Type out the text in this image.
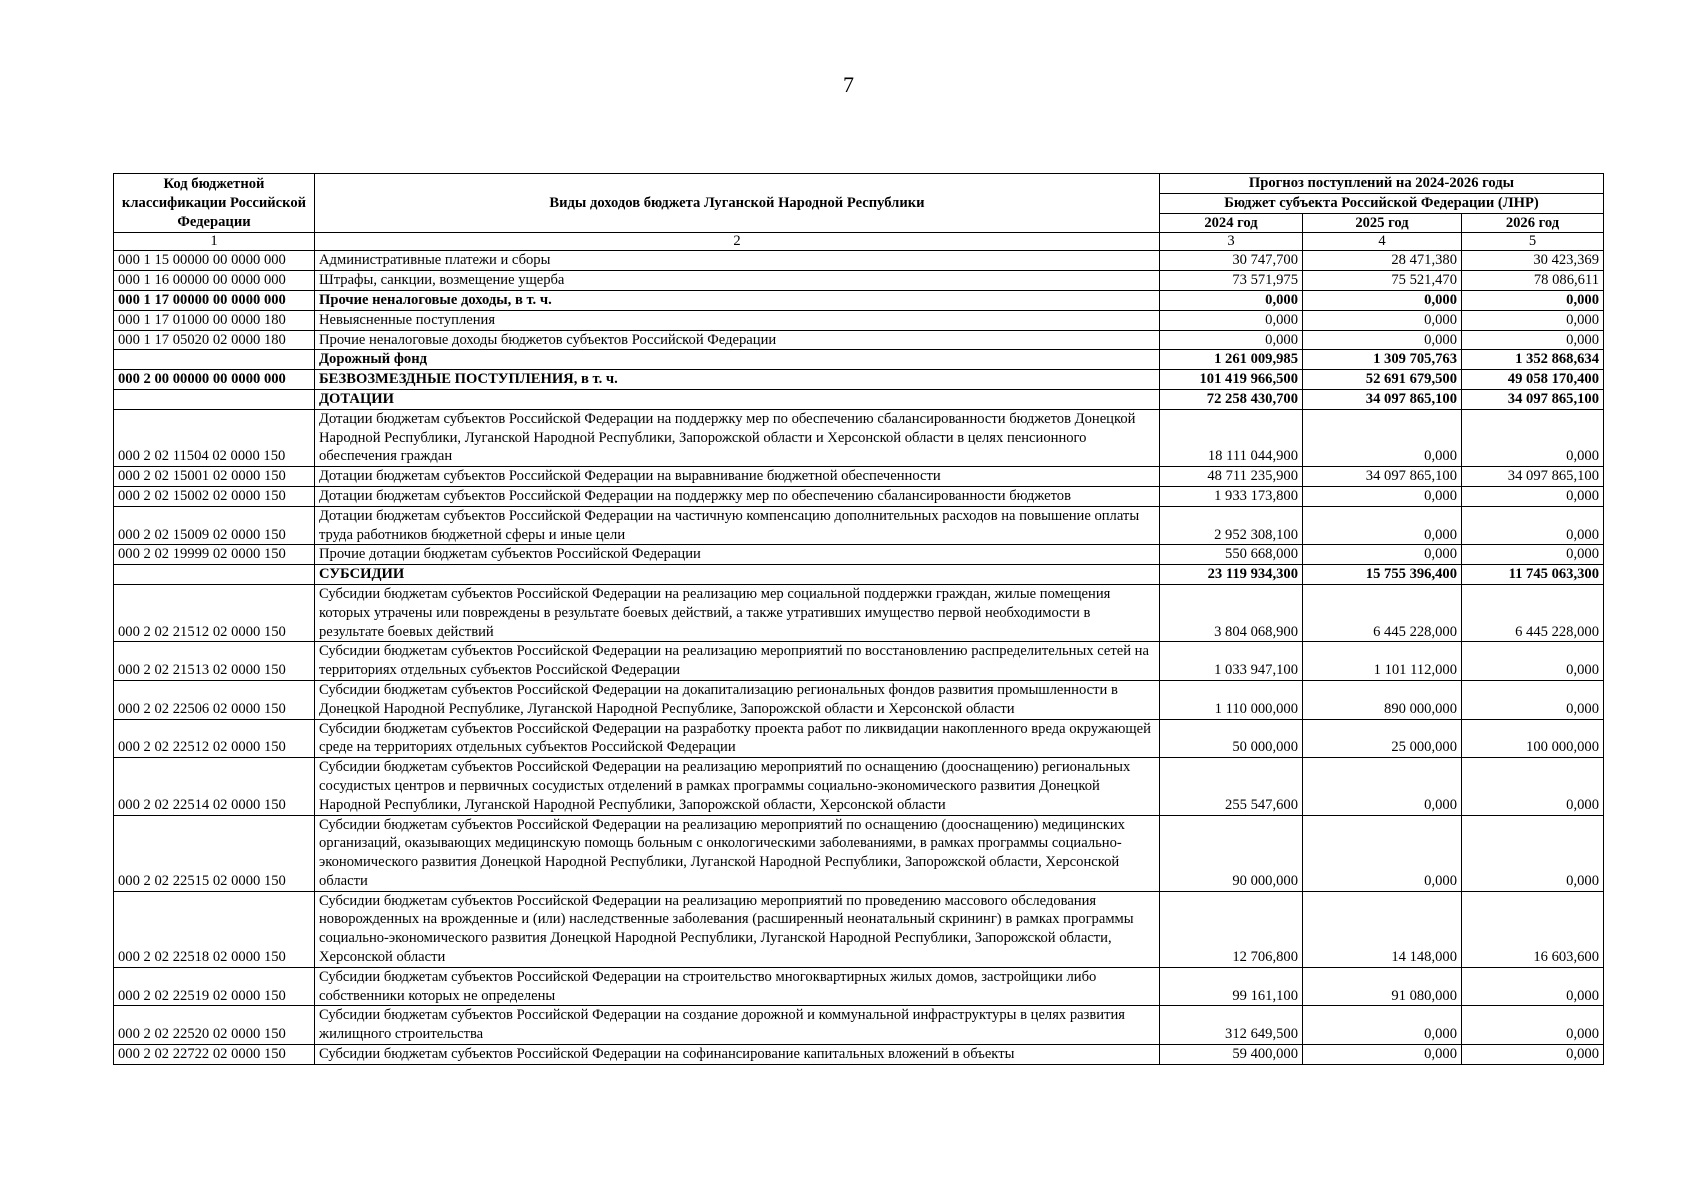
7
Код бюджетной классификации Российской Федерации	Виды доходов бюджета Луганской Народной Республики	Прогноз поступлений на 2024-2026 годы		
		Бюджет субъекта Российской Федерации (ЛНР)		
		2024 год	2025 год	2026 год
1	2	3	4	5
000 1 15 00000 00 0000 000	Административные платежи и сборы	30 747,700	28 471,380	30 423,369
000 1 16 00000 00 0000 000	Штрафы, санкции, возмещение ущерба	73 571,975	75 521,470	78 086,611
000 1 17 00000 00 0000 000	Прочие неналоговые доходы, в т. ч.	0,000	0,000	0,000
000 1 17 01000 00 0000 180	Невыясненные поступления	0,000	0,000	0,000
000 1 17 05020 02 0000 180	Прочие неналоговые доходы бюджетов субъектов Российской Федерации	0,000	0,000	0,000
	Дорожный фонд	1 261 009,985	1 309 705,763	1 352 868,634
000 2 00 00000 00 0000 000	БЕЗВОЗМЕЗДНЫЕ ПОСТУПЛЕНИЯ, в т. ч.	101 419 966,500	52 691 679,500	49 058 170,400
	ДОТАЦИИ	72 258 430,700	34 097 865,100	34 097 865,100
000 2 02 11504 02 0000 150	Дотации бюджетам субъектов Российской Федерации на поддержку мер по обеспечению сбалансированности бюджетов Донецкой Народной Республики, Луганской Народной Республики, Запорожской области и Херсонской области в целях пенсионного обеспечения граждан	18 111 044,900	0,000	0,000
000 2 02 15001 02 0000 150	Дотации бюджетам субъектов Российской Федерации на выравнивание бюджетной обеспеченности	48 711 235,900	34 097 865,100	34 097 865,100
000 2 02 15002 02 0000 150	Дотации бюджетам субъектов Российской Федерации на поддержку мер по обеспечению сбалансированности бюджетов	1 933 173,800	0,000	0,000
000 2 02 15009 02 0000 150	Дотации бюджетам субъектов Российской Федерации на частичную компенсацию дополнительных расходов на повышение оплаты труда работников бюджетной сферы и иные цели	2 952 308,100	0,000	0,000
000 2 02 19999 02 0000 150	Прочие дотации бюджетам субъектов Российской Федерации	550 668,000	0,000	0,000
	СУБСИДИИ	23 119 934,300	15 755 396,400	11 745 063,300
000 2 02 21512 02 0000 150	Субсидии бюджетам субъектов Российской Федерации на реализацию мер социальной поддержки граждан, жилые помещения которых утрачены или повреждены в результате боевых действий, а также утративших имущество первой необходимости в результате боевых действий	3 804 068,900	6 445 228,000	6 445 228,000
000 2 02 21513 02 0000 150	Субсидии бюджетам субъектов Российской Федерации на реализацию мероприятий по восстановлению распределительных сетей на территориях отдельных субъектов Российской Федерации	1 033 947,100	1 101 112,000	0,000
000 2 02 22506 02 0000 150	Субсидии бюджетам субъектов Российской Федерации на докапитализацию региональных фондов развития промышленности в Донецкой Народной Республике, Луганской Народной Республике, Запорожской области и Херсонской области	1 110 000,000	890 000,000	0,000
000 2 02 22512 02 0000 150	Субсидии бюджетам субъектов Российской Федерации на разработку проекта работ по ликвидации накопленного вреда окружающей среде на территориях отдельных субъектов Российской Федерации	50 000,000	25 000,000	100 000,000
000 2 02 22514 02 0000 150	Субсидии бюджетам субъектов Российской Федерации на реализацию мероприятий по оснащению (дооснащению) региональных сосудистых центров и первичных сосудистых отделений в рамках программы социально-экономического развития Донецкой Народной Республики, Луганской Народной Республики, Запорожской области, Херсонской области	255 547,600	0,000	0,000
000 2 02 22515 02 0000 150	Субсидии бюджетам субъектов Российской Федерации на реализацию мероприятий по оснащению (дооснащению) медицинских организаций, оказывающих медицинскую помощь больным с онкологическими заболеваниями, в рамках программы социально-экономического развития Донецкой Народной Республики, Луганской Народной Республики, Запорожской области, Херсонской области	90 000,000	0,000	0,000
000 2 02 22518 02 0000 150	Субсидии бюджетам субъектов Российской Федерации на реализацию мероприятий по проведению массового обследования новорожденных на врожденные и (или) наследственные заболевания (расширенный неонатальный скрининг) в рамках программы социально-экономического развития Донецкой Народной Республики, Луганской Народной Республики, Запорожской области, Херсонской области	12 706,800	14 148,000	16 603,600
000 2 02 22519 02 0000 150	Субсидии бюджетам субъектов Российской Федерации на строительство многоквартирных жилых домов, застройщики либо собственники которых не определены	99 161,100	91 080,000	0,000
000 2 02 22520 02 0000 150	Субсидии бюджетам субъектов Российской Федерации на создание дорожной и коммунальной инфраструктуры в целях развития жилищного строительства	312 649,500	0,000	0,000
000 2 02 22722 02 0000 150	Субсидии бюджетам субъектов Российской Федерации на софинансирование капитальных вложений в объекты	59 400,000	0,000	0,000
